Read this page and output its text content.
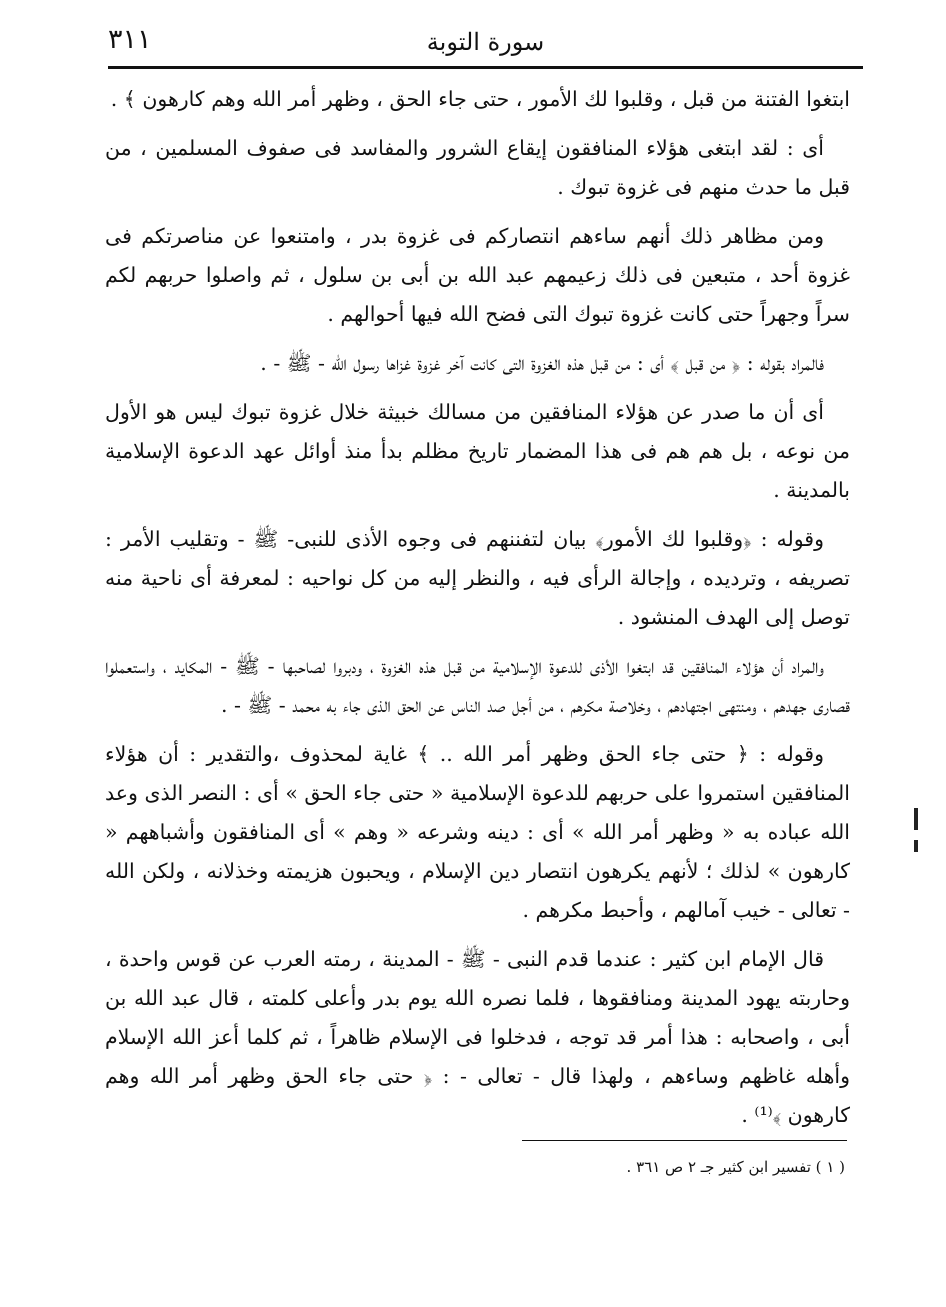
٣١١	سورة التوبة

ابتغوا الفتنة من قبل ، وقلبوا لك الأمور ، حتى جاء الحق ، وظهر أمر الله وهم كارهون ﴾ .

أى : لقد ابتغى هؤلاء المنافقون إيقاع الشرور والمفاسد فى صفوف المسلمين ، من قبل ما حدث منهم فى غزوة تبوك .

ومن مظاهر ذلك أنهم ساءهم انتصاركم فى غزوة بدر ، وامتنعوا عن مناصرتكم فى غزوة أحد ، متبعين فى ذلك زعيمهم عبد الله بن أبى بن سلول ، ثم واصلوا حربهم لكم سراً وجهراً حتى كانت غزوة تبوك التى فضح الله فيها أحوالهم .

فالمراد بقوله : ﴿ من قبل ﴾ أى : من قبل هذه الغزوة التى كانت آخر غزوة غزاها رسول الله - ﷺ - .

أى أن ما صدر عن هؤلاء المنافقين من مسالك خبيثة خلال غزوة تبوك ليس هو الأول من نوعه ، بل هم هم فى هذا المضمار تاريخ مظلم بدأ منذ أوائل عهد الدعوة الإسلامية بالمدينة .

وقوله : ﴿وقلبوا لك الأمور﴾ بيان لتفننهم فى وجوه الأذى للنبى- ﷺ - وتقليب الأمر : تصريفه ، وترديده ، وإجالة الرأى فيه ، والنظر إليه من كل نواحيه : لمعرفة أى ناحية منه توصل إلى الهدف المنشود .

والمراد أن هؤلاء المنافقين قد ابتغوا الأذى للدعوة الإسلامية من قبل هذه الغزوة ، ودبروا لصاحبها - ﷺ - المكايد ، واستعملوا قصارى جهدهم ، ومنتهى اجتهادهم ، وخلاصة مكرهم ، من أجل صد الناس عن الحق الذى جاء به محمد - ﷺ - .

وقوله : ﴿ حتى جاء الحق وظهر أمر الله .. ﴾ غاية لمحذوف ،والتقدير : أن هؤلاء المنافقين استمروا على حربهم للدعوة الإسلامية « حتى جاء الحق » أى : النصر الذى وعد الله عباده به « وظهر أمر الله » أى : دينه وشرعه « وهم » أى المنافقون وأشباههم « كارهون » لذلك ؛ لأنهم يكرهون انتصار دين الإسلام ، ويحبون هزيمته وخذلانه ، ولكن الله - تعالى - خيب آمالهم ، وأحبط مكرهم .

قال الإمام ابن كثير : عندما قدم النبى - ﷺ - المدينة ، رمته العرب عن قوس واحدة ، وحاربته يهود المدينة ومنافقوها ، فلما نصره الله يوم بدر وأعلى كلمته ، قال عبد الله بن أبى ، واصحابه : هذا أمر قد توجه ، فدخلوا فى الإسلام ظاهراً ، ثم كلما أعز الله الإسلام وأهله غاظهم وساءهم ، ولهذا قال - تعالى - : ﴿ حتى جاء الحق وظهر أمر الله وهم كارهون ﴾⁽¹⁾ .

( ١ ) تفسير ابن كثير جـ ٢ ص ٣٦١ .
